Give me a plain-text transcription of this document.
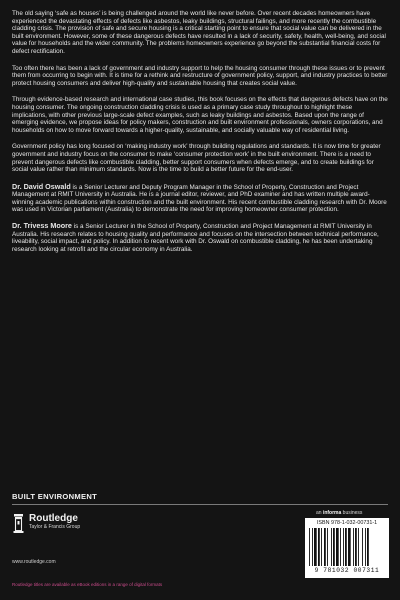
The old saying ‘safe as houses’ is being challenged around the world like never before. Over recent decades homeowners have experienced the devastating effects of defects like asbestos, leaky buildings, structural failings, and more recently the combustible cladding crisis. The provision of safe and secure housing is a critical starting point to ensure that social value can be delivered in the built environment. However, some of these dangerous defects have resulted in a lack of security, safety, health, well-being, and social value for households and the wider community. The problems homeowners experience go beyond the substantial financial costs for defect rectification.

Too often there has been a lack of government and industry support to help the housing consumer through these issues or to prevent them from occurring to begin with. It is time for a rethink and restructure of government policy, support, and industry practices to better protect housing consumers and deliver high-quality and sustainable housing that creates social value.

Through evidence-based research and international case studies, this book focuses on the effects that dangerous defects have on the housing consumer. The ongoing construction cladding crisis is used as a primary case study throughout to highlight these implications, with other previous large-scale defect examples, such as leaky buildings and asbestos. Based upon the range of emerging evidence, we propose ideas for policy makers, construction and built environment professionals, owners corporations, and households on how to move forward towards a higher-quality, sustainable, and socially valuable way of residential living.

Government policy has long focused on ‘making industry work’ through building regulations and standards. It is now time for greater government and industry focus on the consumer to make ‘consumer protection work’ in the built environment. There is a need to prevent dangerous defects like combustible cladding, better support consumers when defects emerge, and to create buildings for social value rather than minimum standards. Now is the time to build a better future for the end-user.

Dr. David Oswald is a Senior Lecturer and Deputy Program Manager in the School of Property, Construction and Project Management at RMIT University in Australia. He is a journal editor, reviewer, and PhD examiner and has written multiple award-winning academic publications within construction and the built environment. His recent combustible cladding research with Dr. Moore was used in Victorian parliament (Australia) to demonstrate the need for improving homeowner consumer protection.

Dr. Trivess Moore is a Senior Lecturer in the School of Property, Construction and Project Management at RMIT University in Australia. His research relates to housing quality and performance and focuses on the intersection between technical performance, liveability, social impact, and policy. In addition to recent work with Dr. Oswald on combustible cladding, he has been undertaking research looking at retrofit and the circular economy in Australia.

BUILT ENVIRONMENT
Routledge
Taylor & Francis Group
www.routledge.com
Routledge titles are available as eBook editions in a range of digital formats
an informa business
ISBN 978-1-032-00731-1
9 781032 007311
